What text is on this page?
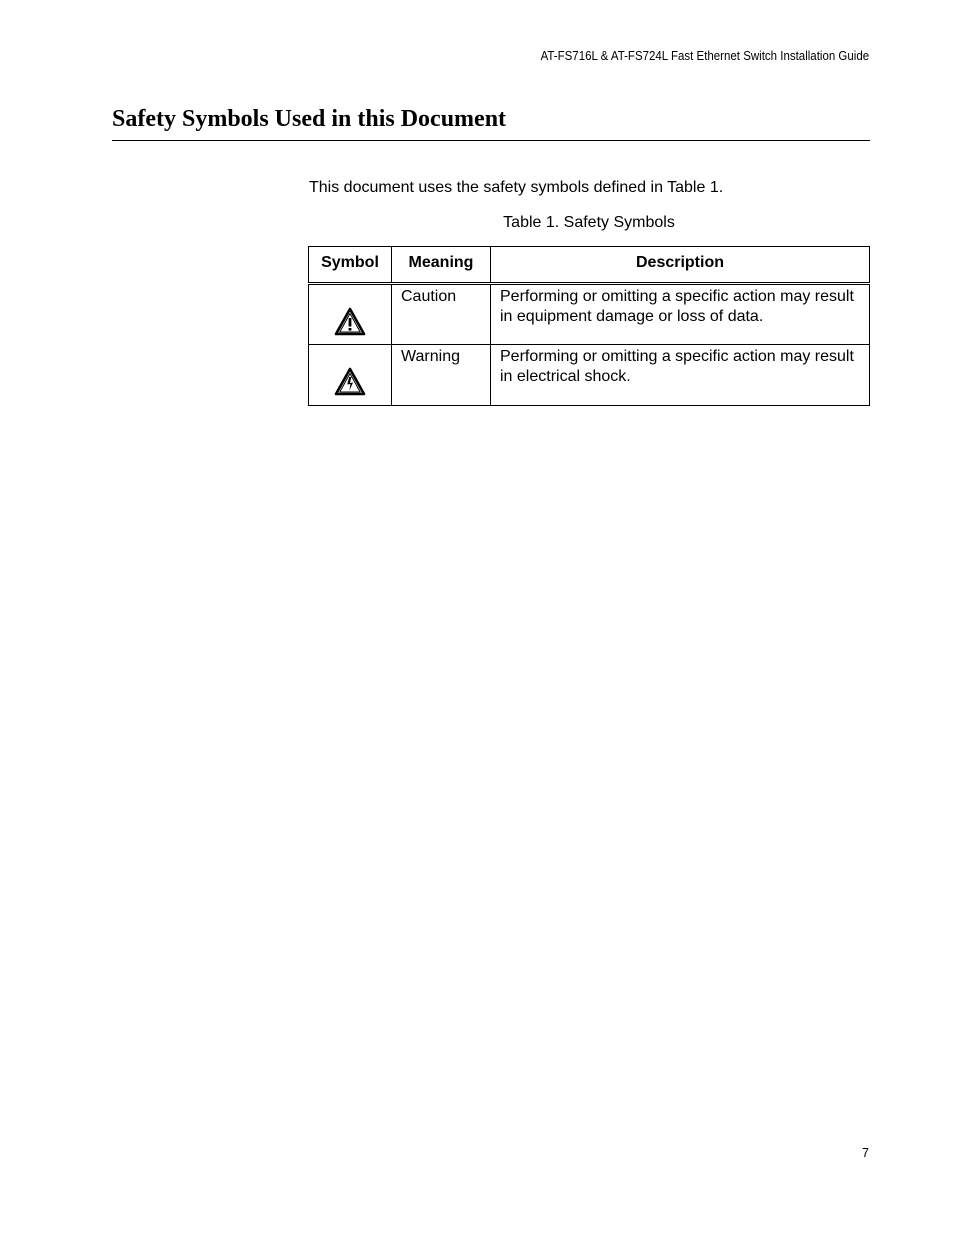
AT-FS716L & AT-FS724L Fast Ethernet Switch Installation Guide
Safety Symbols Used in this Document

This document uses the safety symbols defined in Table 1.

Table 1. Safety Symbols
Symbol	Meaning	Description

	Caution	Performing or omitting a specific action may result in equipment damage or loss of data.

	Warning	Performing or omitting a specific action may result in electrical shock.
7
